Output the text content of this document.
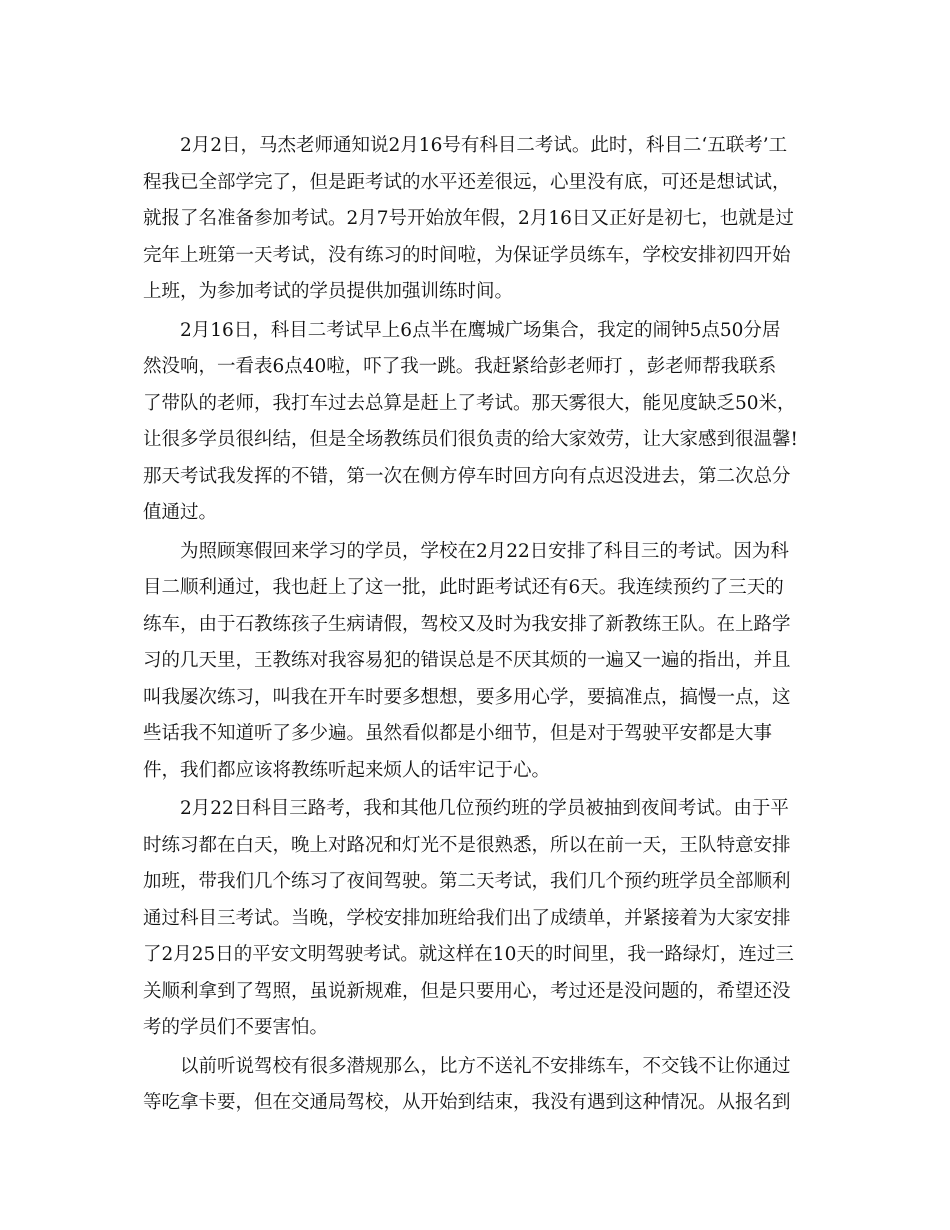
2月2日，马杰老师通知说2月16号有科目二考试。此时，科目二‘五联考’工
程我已全部学完了，但是距考试的水平还差很远，心里没有底，可还是想试试，
就报了名准备参加考试。2月7号开始放年假，2月16日又正好是初七，也就是过
完年上班第一天考试，没有练习的时间啦，为保证学员练车，学校安排初四开始
上班，为参加考试的学员提供加强训练时间。
2月16日，科目二考试早上6点半在鹰城广场集合，我定的闹钟5点50分居
然没响，一看表6点40啦，吓了我一跳。我赶紧给彭老师打 ，彭老师帮我联系
了带队的老师，我打车过去总算是赶上了考试。那天雾很大，能见度缺乏50米，
让很多学员很纠结，但是全场教练员们很负责的给大家效劳，让大家感到很温馨!
那天考试我发挥的不错，第一次在侧方停车时回方向有点迟没进去，第二次总分
值通过。
为照顾寒假回来学习的学员，学校在2月22日安排了科目三的考试。因为科
目二顺利通过，我也赶上了这一批，此时距考试还有6天。我连续预约了三天的
练车，由于石教练孩子生病请假，驾校又及时为我安排了新教练王队。在上路学
习的几天里，王教练对我容易犯的错误总是不厌其烦的一遍又一遍的指出，并且
叫我屡次练习，叫我在开车时要多想想，要多用心学，要搞准点，搞慢一点，这
些话我不知道听了多少遍。虽然看似都是小细节，但是对于驾驶平安都是大事
件，我们都应该将教练听起来烦人的话牢记于心。
2月22日科目三路考，我和其他几位预约班的学员被抽到夜间考试。由于平
时练习都在白天，晚上对路况和灯光不是很熟悉，所以在前一天，王队特意安排
加班，带我们几个练习了夜间驾驶。第二天考试，我们几个预约班学员全部顺利
通过科目三考试。当晚，学校安排加班给我们出了成绩单，并紧接着为大家安排
了2月25日的平安文明驾驶考试。就这样在10天的时间里，我一路绿灯，连过三
关顺利拿到了驾照，虽说新规难，但是只要用心，考过还是没问题的，希望还没
考的学员们不要害怕。
以前听说驾校有很多潜规那么，比方不送礼不安排练车，不交钱不让你通过
等吃拿卡要，但在交通局驾校，从开始到结束，我没有遇到这种情况。从报名到
